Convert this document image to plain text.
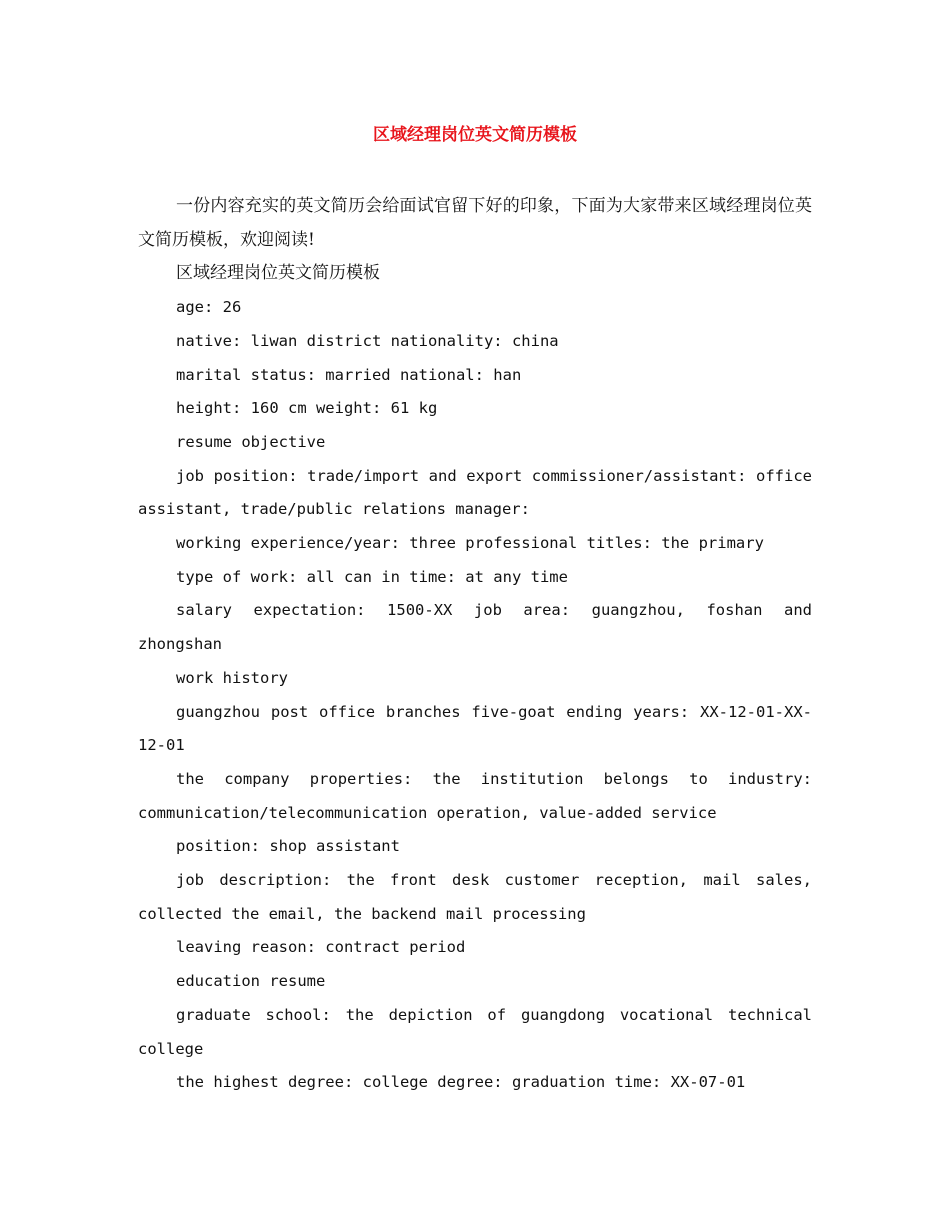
区域经理岗位英文简历模板

一份内容充实的英文简历会给面试官留下好的印象，下面为大家带来区域经理岗位英文简历模板，欢迎阅读!

区域经理岗位英文简历模板

age: 26

native: liwan district nationality: china

marital status: married national: han

height: 160 cm weight: 61 kg

resume objective

job position: trade/import and export commissioner/assistant: office assistant, trade/public relations manager:

working experience/year: three professional titles: the primary

type of work: all can in time: at any time

salary expectation: 1500-XX job area: guangzhou, foshan and zhongshan

work history

guangzhou post office branches five-goat ending years: XX-12-01-XX-12-01

the company properties: the institution belongs to industry: communication/telecommunication operation, value-added service

position: shop assistant

job description: the front desk customer reception, mail sales, collected the email, the backend mail processing

leaving reason: contract period

education resume

graduate school: the depiction of guangdong vocational technical college

the highest degree: college degree: graduation time: XX-07-01
